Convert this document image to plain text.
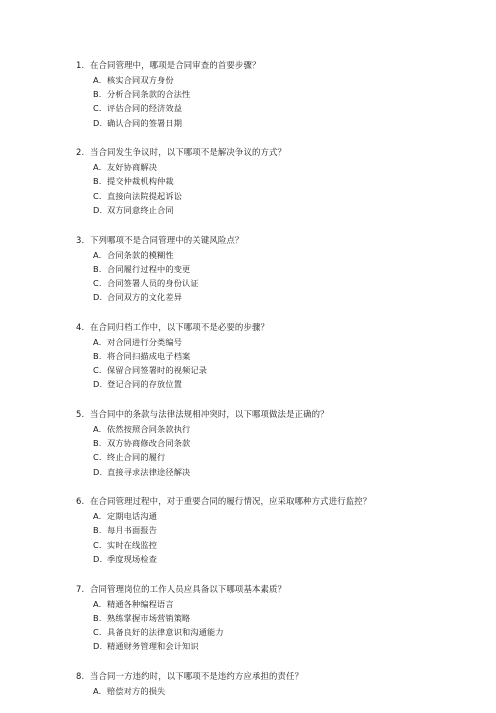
1. 在合同管理中，哪项是合同审查的首要步骤？
A. 核实合同双方身份
B. 分析合同条款的合法性
C. 评估合同的经济效益
D. 确认合同的签署日期
2. 当合同发生争议时，以下哪项不是解决争议的方式？
A. 友好协商解决
B. 提交仲裁机构仲裁
C. 直接向法院提起诉讼
D. 双方同意终止合同
3. 下列哪项不是合同管理中的关键风险点？
A. 合同条款的模糊性
B. 合同履行过程中的变更
C. 合同签署人员的身份认证
D. 合同双方的文化差异
4. 在合同归档工作中，以下哪项不是必要的步骤？
A. 对合同进行分类编号
B. 将合同扫描成电子档案
C. 保留合同签署时的视频记录
D. 登记合同的存放位置
5. 当合同中的条款与法律法规相冲突时，以下哪项做法是正确的？
A. 依然按照合同条款执行
B. 双方协商修改合同条款
C. 终止合同的履行
D. 直接寻求法律途径解决
6. 在合同管理过程中，对于重要合同的履行情况，应采取哪种方式进行监控？
A. 定期电话沟通
B. 每月书面报告
C. 实时在线监控
D. 季度现场检查
7. 合同管理岗位的工作人员应具备以下哪项基本素质？
A. 精通各种编程语言
B. 熟练掌握市场营销策略
C. 具备良好的法律意识和沟通能力
D. 精通财务管理和会计知识
8. 当合同一方违约时，以下哪项不是违约方应承担的责任？
A. 赔偿对方的损失
